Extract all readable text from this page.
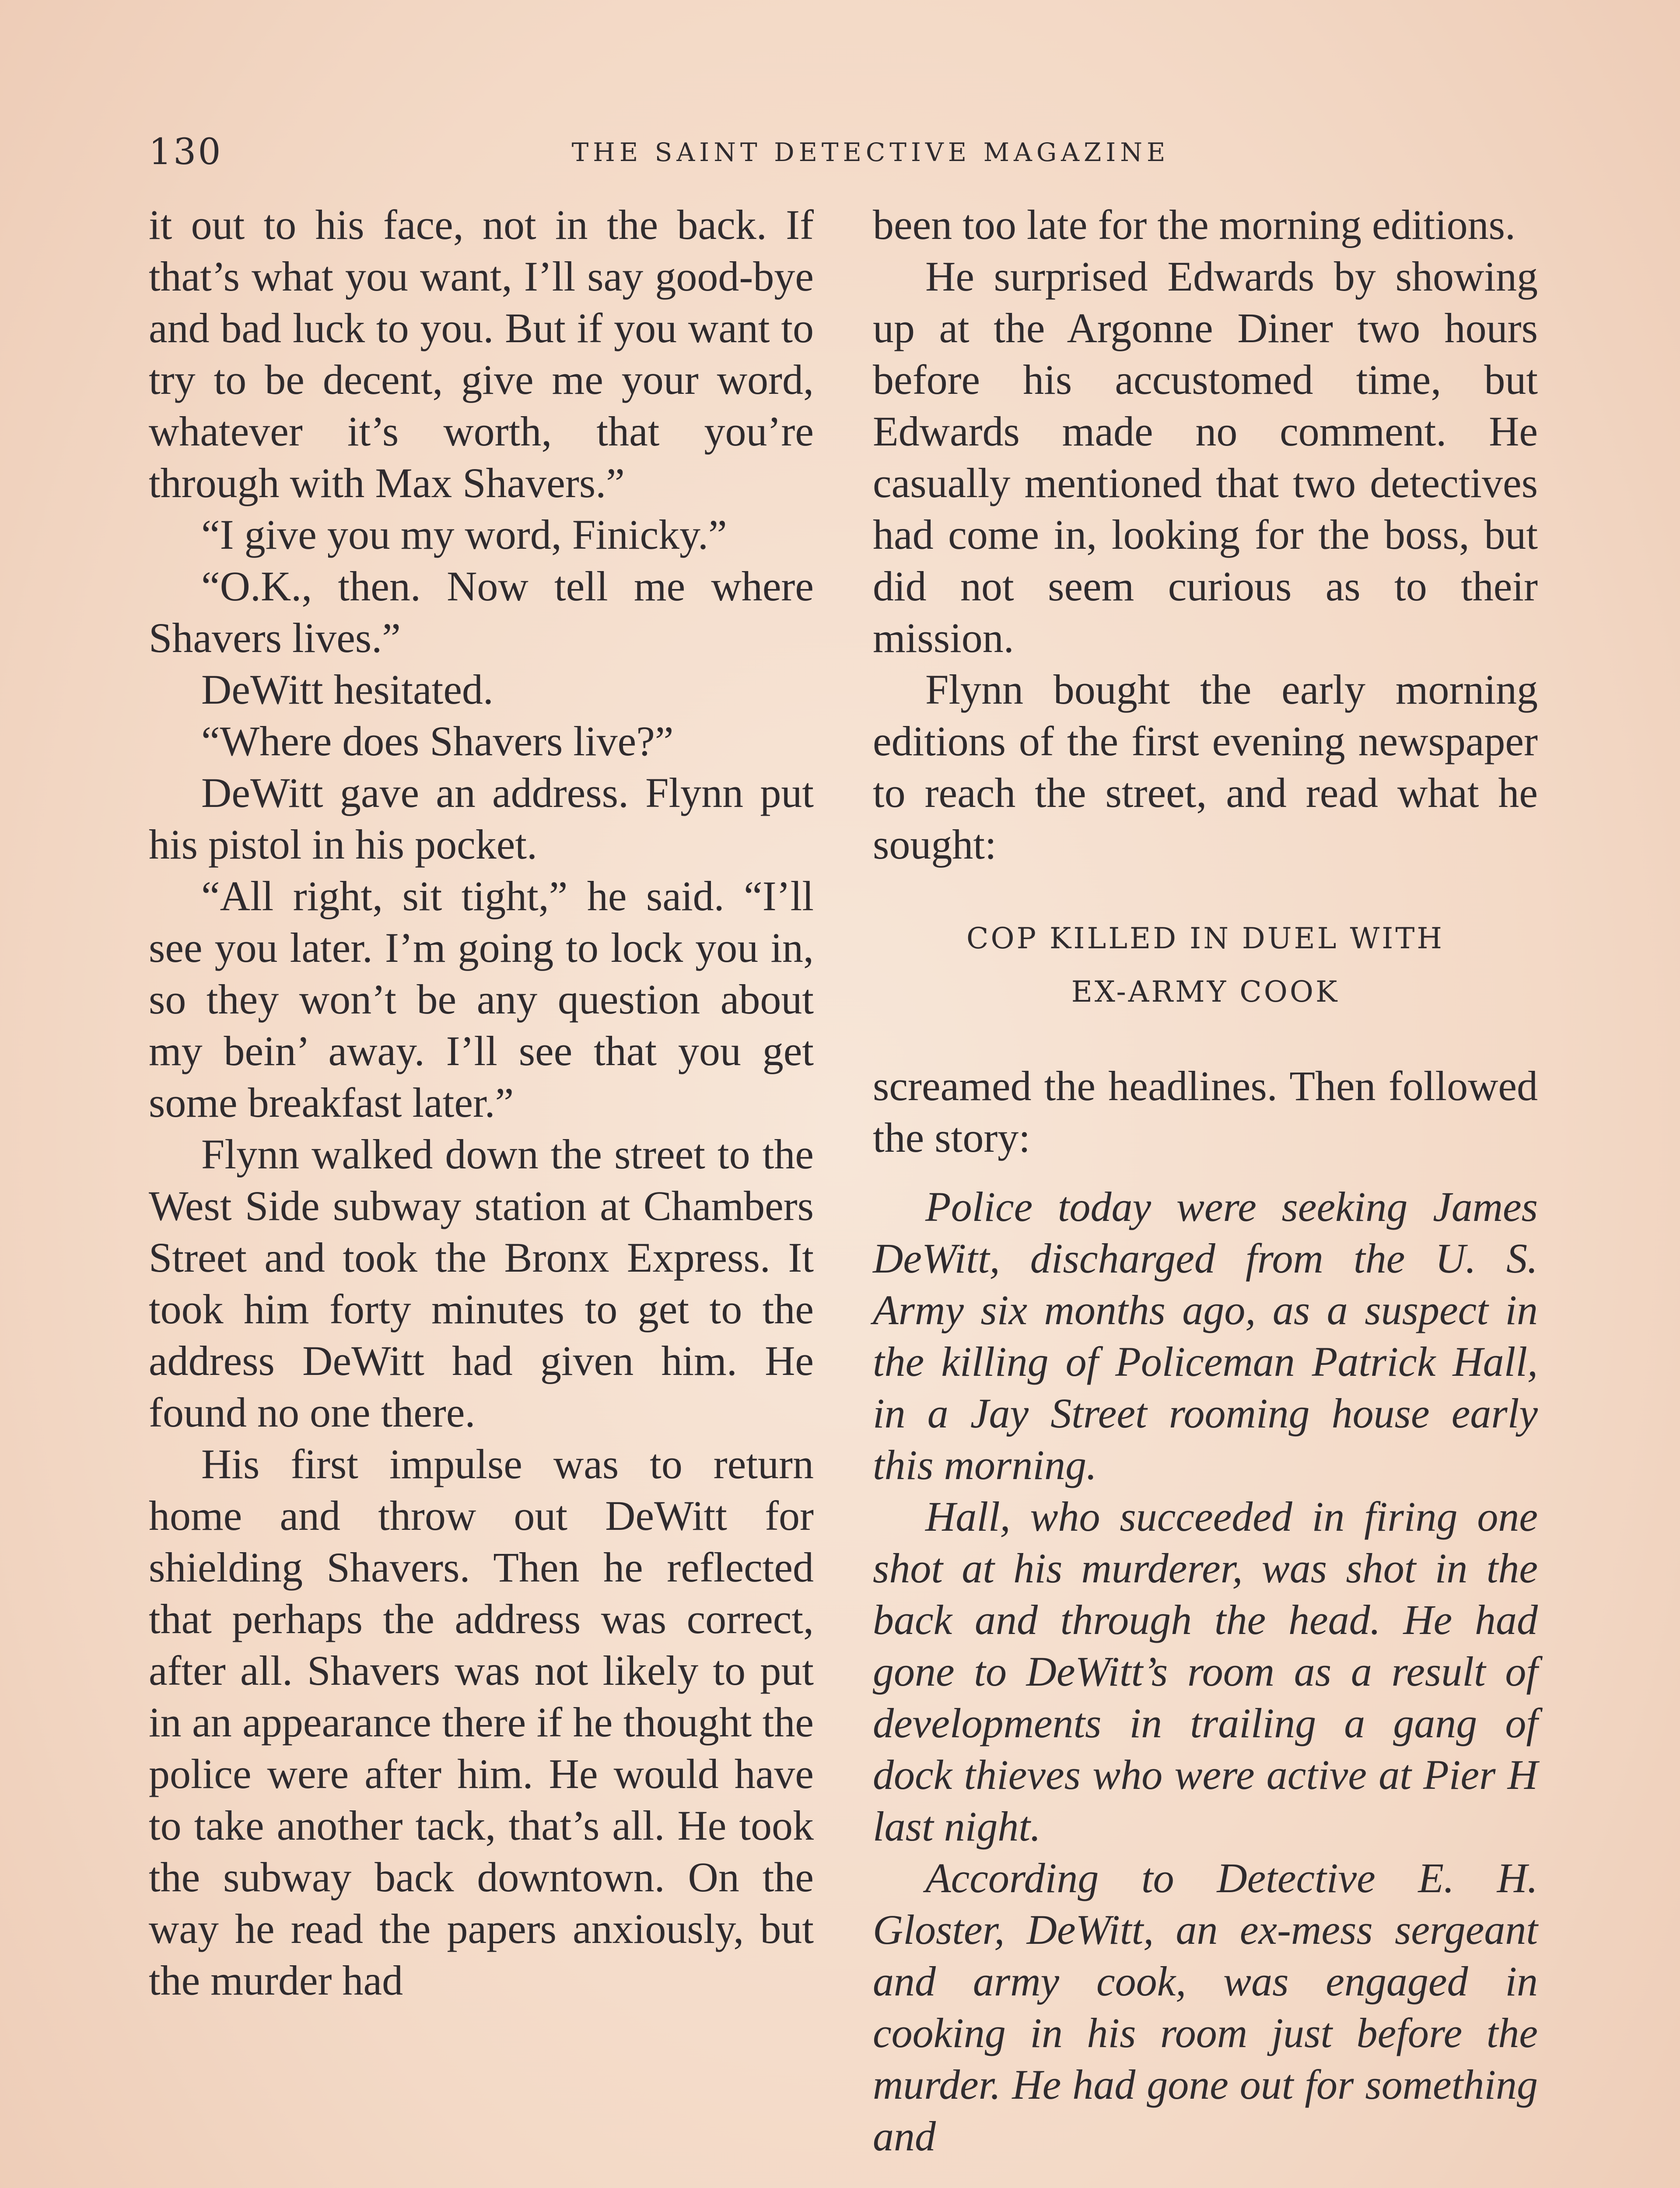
130	THE SAINT DETECTIVE MAGAZINE

it out to his face, not in the back. If that’s what you want, I’ll say good-bye and bad luck to you. But if you want to try to be decent, give me your word, whatever it’s worth, that you’re through with Max Shavers.”

“I give you my word, Finicky.”

“O.K., then. Now tell me where Shavers lives.”

DeWitt hesitated.

“Where does Shavers live?”

DeWitt gave an address. Flynn put his pistol in his pocket.

“All right, sit tight,” he said. “I’ll see you later. I’m going to lock you in, so they won’t be any question about my bein’ away. I’ll see that you get some breakfast later.”

Flynn walked down the street to the West Side subway station at Chambers Street and took the Bronx Express. It took him forty minutes to get to the address DeWitt had given him. He found no one there.

His first impulse was to return home and throw out DeWitt for shielding Shavers. Then he reflected that perhaps the address was correct, after all. Shavers was not likely to put in an appearance there if he thought the police were after him. He would have to take another tack, that’s all. He took the subway back downtown. On the way he read the papers anxiously, but the murder had

been too late for the morning editions.

He surprised Edwards by showing up at the Argonne Diner two hours before his accustomed time, but Edwards made no comment. He casually mentioned that two detectives had come in, looking for the boss, but did not seem curious as to their mission.

Flynn bought the early morning editions of the first evening newspaper to reach the street, and read what he sought:

COP KILLED IN DUEL WITH
EX-ARMY COOK

screamed the headlines. Then followed the story:

Police today were seeking James DeWitt, discharged from the U. S. Army six months ago, as a suspect in the killing of Policeman Patrick Hall, in a Jay Street rooming house early this morning.

Hall, who succeeded in firing one shot at his murderer, was shot in the back and through the head. He had gone to DeWitt’s room as a result of developments in trailing a gang of dock thieves who were active at Pier H last night.

According to Detective E. H. Gloster, DeWitt, an ex-mess sergeant and army cook, was engaged in cooking in his room just before the murder. He had gone out for something and
